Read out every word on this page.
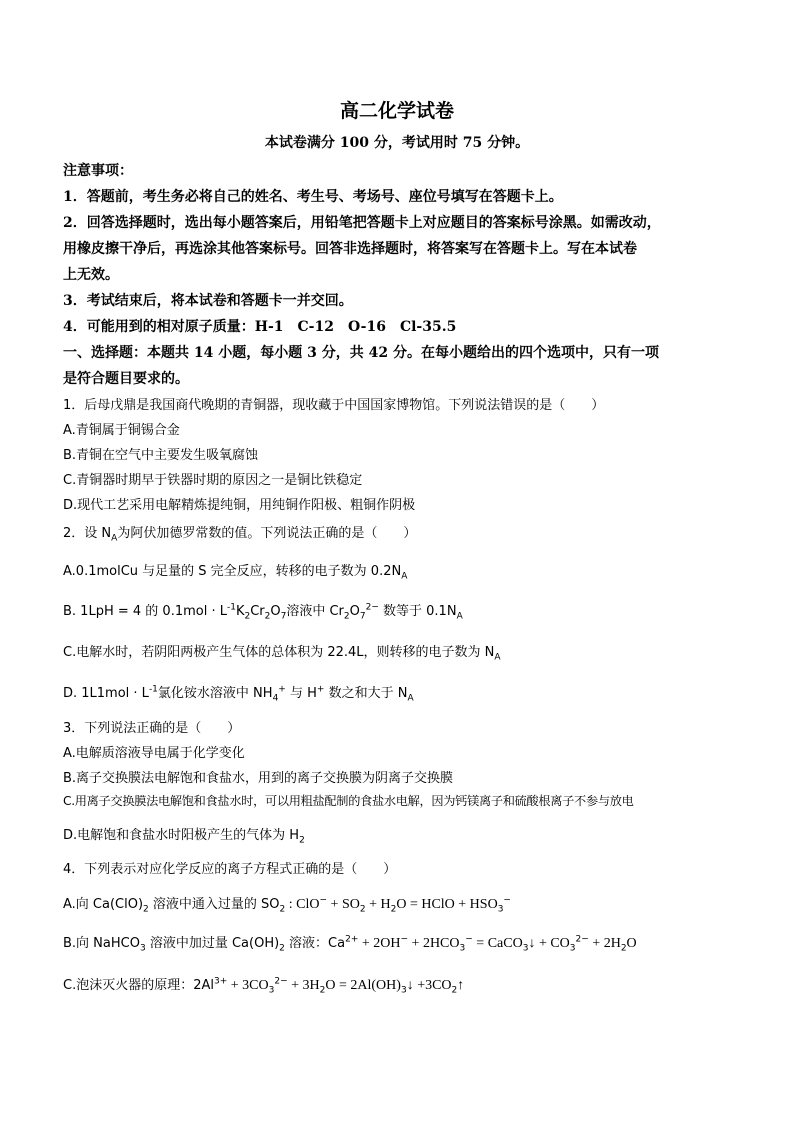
高二化学试卷
本试卷满分 100 分，考试用时 75 分钟。
注意事项：
1．答题前，考生务必将自己的姓名、考生号、考场号、座位号填写在答题卡上。
2．回答选择题时，选出每小题答案后，用铅笔把答题卡上对应题目的答案标号涂黑。如需改动，
用橡皮擦干净后，再选涂其他答案标号。回答非选择题时，将答案写在答题卡上。写在本试卷
上无效。
3．考试结束后，将本试卷和答题卡一并交回。
4．可能用到的相对原子质量：H-1　C-12　O-16　Cl-35.5
一、选择题：本题共 14 小题，每小题 3 分，共 42 分。在每小题给出的四个选项中，只有一项
是符合题目要求的。
1．后母戊鼎是我国商代晚期的青铜器，现收藏于中国国家博物馆。下列说法错误的是（　　）
A.青铜属于铜锡合金
B.青铜在空气中主要发生吸氧腐蚀
C.青铜器时期早于铁器时期的原因之一是铜比铁稳定
D.现代工艺采用电解精炼提纯铜，用纯铜作阳极、粗铜作阴极
2．设 $N_A$为阿伏加德罗常数的值。下列说法正确的是（　　）
A.0.1molCu 与足量的 S 完全反应，转移的电子数为 $0.2N_A$
B. 1LpH = 4 的 $0.1mol \cdot L^{-1}K_2Cr_2O_7$溶液中 $Cr_2O_7^{2-}$ 数等于 $0.1N_A$
C.电解水时，若阴阳两极产生气体的总体积为 22.4L，则转移的电子数为 $N_A$
D. $1L1mol \cdot L^{-1}$氯化铵水溶液中 $NH_4^+$ 与 H+ 数之和大于 $N_A$
3．下列说法正确的是（　　）
A.电解质溶液导电属于化学变化
B.离子交换膜法电解饱和食盐水，用到的离子交换膜为阴离子交换膜
C.用离子交换膜法电解饱和食盐水时，可以用粗盐配制的食盐水电解，因为钙镁离子和硫酸根离子不参与放电
D.电解饱和食盐水时阳极产生的气体为 $H_2$
4．下列表示对应化学反应的离子方程式正确的是（　　）
A.向 $Ca(ClO)_2$ 溶液中通入过量的 $SO_2$ : $ClO^- + SO_2 + H_2O$ = HClO + $HSO_3^-$
B.向 NaHCO$_3$ 溶液中加过量 $Ca(OH)_2$ 溶液：$Ca^{2+} + 2OH^- + 2HCO_3^-$ = CaCO$_3$↓ + $CO_3^{2-} + 2H_2O$
C.泡沫灭火器的原理：$2Al^{3+} + 3CO_3^{2-} + 3H_2O$ = $2Al(OH)_3↓$ $+3CO_2↑$
